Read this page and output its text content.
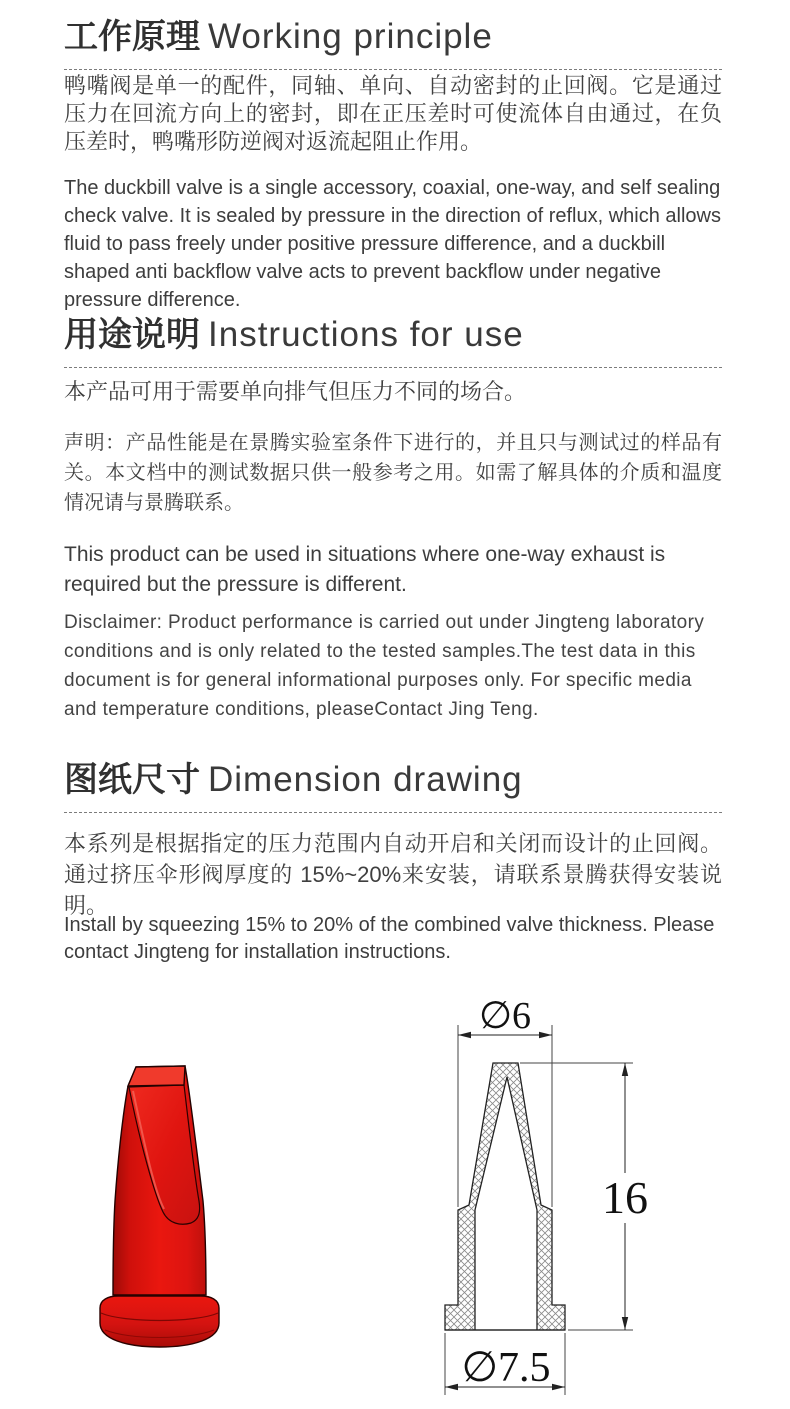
工作原理 Working principle

鸭嘴阀是单一的配件，同轴、单向、自动密封的止回阀。它是通过压力在回流方向上的密封，即在正压差时可使流体自由通过，在负压差时，鸭嘴形防逆阀对返流起阻止作用。

The duckbill valve is a single accessory, coaxial, one-way, and self sealing check valve. It is sealed by pressure in the direction of reflux, which allows fluid to pass freely under positive pressure difference, and a duckbill shaped anti backflow valve acts to prevent backflow under negative pressure difference.

用途说明 Instructions for use

本产品可用于需要单向排气但压力不同的场合。

声明：产品性能是在景腾实验室条件下进行的，并且只与测试过的样品有关。本文档中的测试数据只供一般参考之用。如需了解具体的介质和温度情况请与景腾联系。

This product can be used in situations where one-way exhaust is required but the pressure is different.

Disclaimer: Product performance is carried out under Jingteng laboratory conditions and is only related to the tested samples.The test data in this document is for general informational purposes only. For specific media and temperature conditions, pleaseContact Jing Teng.

图纸尺寸 Dimension drawing

本系列是根据指定的压力范围内自动开启和关闭而设计的止回阀。通过挤压伞形阀厚度的 15%~20%来安装，请联系景腾获得安装说明。

Install by squeezing 15% to 20% of the combined valve thickness. Please contact Jingteng for installation instructions.

∅6
16
∅7.5
